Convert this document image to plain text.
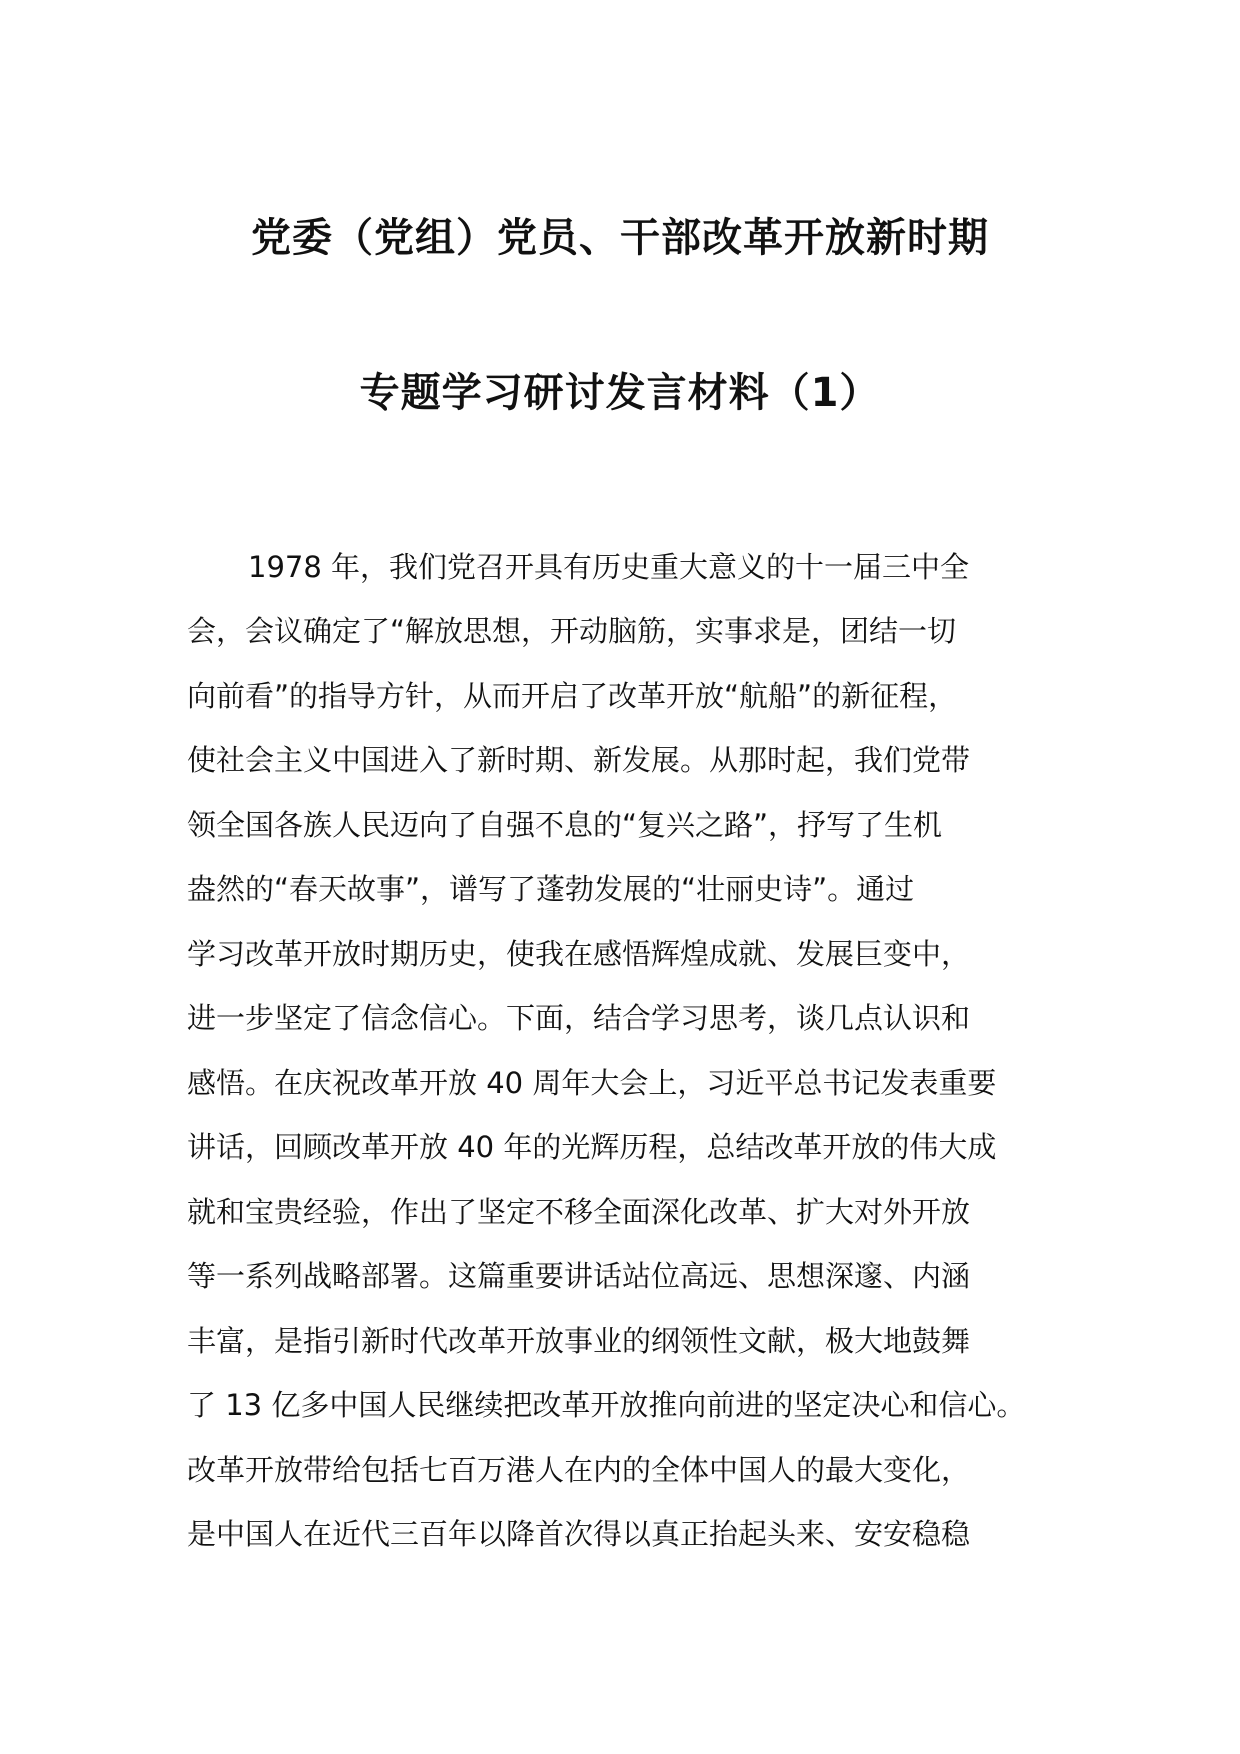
党委（党组）党员、干部改革开放新时期
专题学习研讨发言材料（1）
1978 年，我们党召开具有历史重大意义的十一届三中全
会，会议确定了“解放思想，开动脑筋，实事求是，团结一切
向前看”的指导方针，从而开启了改革开放“航船”的新征程，
使社会主义中国进入了新时期、新发展。从那时起，我们党带
领全国各族人民迈向了自强不息的“复兴之路”，抒写了生机
盎然的“春天故事”，谱写了蓬勃发展的“壮丽史诗”。通过
学习改革开放时期历史，使我在感悟辉煌成就、发展巨变中，
进一步坚定了信念信心。下面，结合学习思考，谈几点认识和
感悟。在庆祝改革开放 40 周年大会上，习近平总书记发表重要
讲话，回顾改革开放 40 年的光辉历程，总结改革开放的伟大成
就和宝贵经验，作出了坚定不移全面深化改革、扩大对外开放
等一系列战略部署。这篇重要讲话站位高远、思想深邃、内涵
丰富，是指引新时代改革开放事业的纲领性文献，极大地鼓舞
了 13 亿多中国人民继续把改革开放推向前进的坚定决心和信心。
改革开放带给包括七百万港人在内的全体中国人的最大变化，
是中国人在近代三百年以降首次得以真正抬起头来、安安稳稳
